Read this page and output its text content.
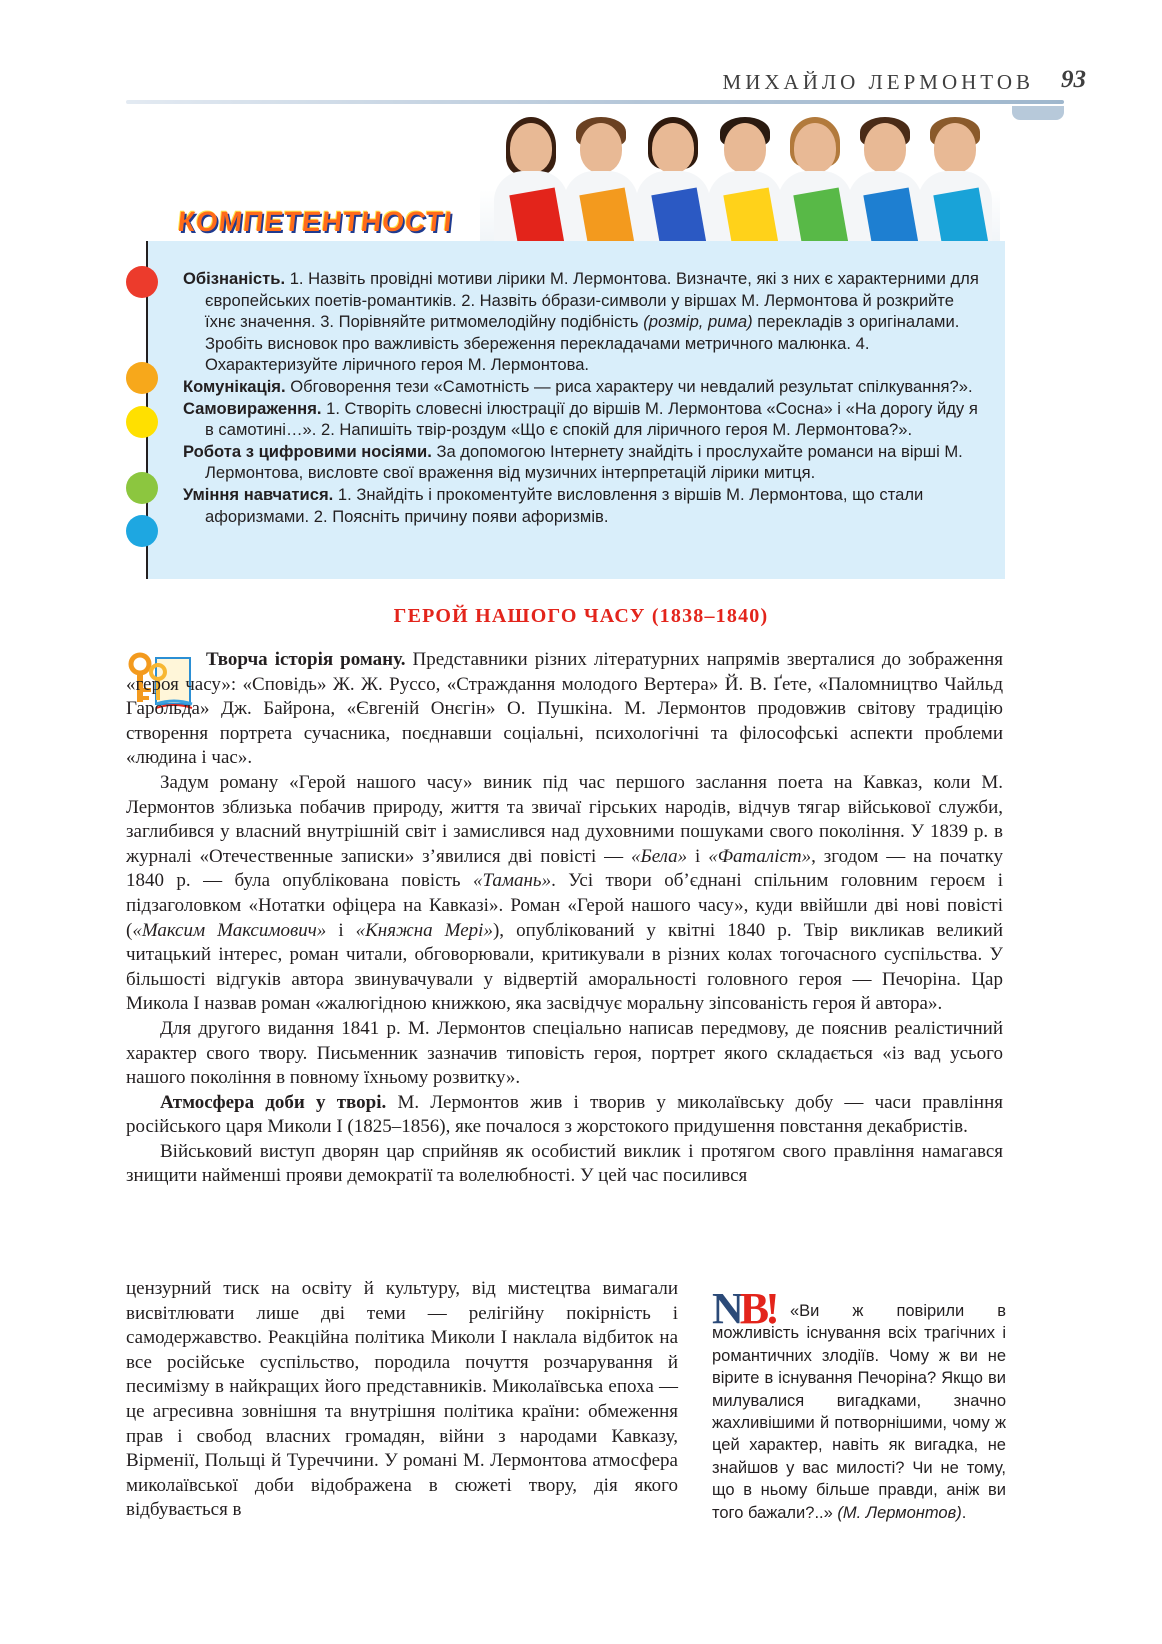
МИХАЙЛО ЛЕРМОНТОВ 93
КОМПЕТЕНТНОСТІ

Обізнаність. 1. Назвіть провідні мотиви лірики М. Лермонтова. Визначте, які з них є характерними для європейських поетів-романтиків. 2. Назвіть о́брази-символи у віршах М. Лермонтова й розкрийте їхнє значення. 3. Порівняйте ритмомелодійну подібність (розмір, рима) перекладів з оригіналами. Зробіть висновок про важливість збереження перекладачами метричного малюнка. 4. Охарактеризуйте ліричного героя М. Лермонтова.

Комунікація. Обговорення тези «Самотність — риса характеру чи невдалий результат спілкування?».

Самовираження. 1. Створіть словесні ілюстрації до віршів М. Лермонтова «Сосна» і «На дорогу йду я в самотині…». 2. Напишіть твір-роздум «Що є спокій для ліричного героя М. Лермонтова?».

Робота з цифровими носіями. За допомогою Інтернету знайдіть і прослухайте романси на вірші М. Лермонтова, висловте свої враження від музичних інтерпретацій лірики митця.

Уміння навчатися. 1. Знайдіть і прокоментуйте висловлення з віршів М. Лермонтова, що стали афоризмами. 2. Поясніть причину появи афоризмів.

ГЕРОЙ НАШОГО ЧАСУ (1838–1840)

Творча історія роману. Представники різних літературних напрямів зверталися до зображення «героя часу»: «Сповідь» Ж. Ж. Руссо, «Страждання молодого Вертера» Й. В. Ґете, «Паломництво Чайльд Гарольда» Дж. Байрона, «Євгеній Онєгін» О. Пушкіна. М. Лермонтов продовжив світову традицію створення портрета сучасника, поєднавши соціальні, психологічні та філософські аспекти проблеми «людина і час».

Задум роману «Герой нашого часу» виник під час першого заслання поета на Кавказ, коли М. Лермонтов зблизька побачив природу, життя та звичаї гірських народів, відчув тягар військової служби, заглибився у власний внутрішній світ і замислився над духовними пошуками свого покоління. У 1839 р. в журналі «Отечественные записки» з’явилися дві повісті — «Бела» і «Фаталіст», згодом — на початку 1840 р. — була опублікована повість «Тамань». Усі твори об’єднані спільним головним героєм і підзаголовком «Нотатки офіцера на Кавказі». Роман «Герой нашого часу», куди ввійшли дві нові повісті («Максим Максимович» і «Княжна Мері»), опублікований у квітні 1840 р. Твір викликав великий читацький інтерес, роман читали, обговорювали, критикували в різних колах тогочасного суспільства. У більшості відгуків автора звинувачували у відвертій аморальності головного героя — Печоріна. Цар Микола I назвав роман «жалюгідною книжкою, яка засвідчує моральну зіпсованість героя й автора».

Для другого видання 1841 р. М. Лермонтов спеціально написав передмову, де пояснив реалістичний характер свого твору. Письменник зазначив типовість героя, портрет якого складається «із вад усього нашого покоління в повному їхньому розвитку».

Атмосфера доби у творі. М. Лермонтов жив і творив у миколаївську добу — часи правління російського царя Миколи I (1825–1856), яке почалося з жорстокого придушення повстання декабристів.

Військовий виступ дворян цар сприйняв як особистий виклик і протягом свого правління намагався знищити найменші прояви демократії та волелюбності. У цей час посилився

цензурний тиск на освіту й культуру, від мистецтва вимагали висвітлювати лише дві теми — релігійну покірність і самодержавство. Реакційна політика Миколи I наклала відбиток на все російське суспільство, породила почуття розчарування й песимізму в найкращих його представників. Миколаївська епоха — це агресивна зовнішня та внутрішня політика країни: обмеження прав і свобод власних громадян, війни з народами Кавказу, Вірменії, Польщі й Туреччини. У романі М. Лермонтова атмосфера миколаївської доби відображена в сюжеті твору, дія якого відбувається в

NB! «Ви ж повірили в можливість існування всіх трагічних і романтичних злодіїв. Чому ж ви не вірите в існування Печоріна? Якщо ви милувалися вигадками, значно жахливішими й потворнішими, чому ж цей характер, навіть як вигадка, не знайшов у вас милості? Чи не тому, що в ньому більше правди, аніж ви того бажали?..» (М. Лермонтов).
